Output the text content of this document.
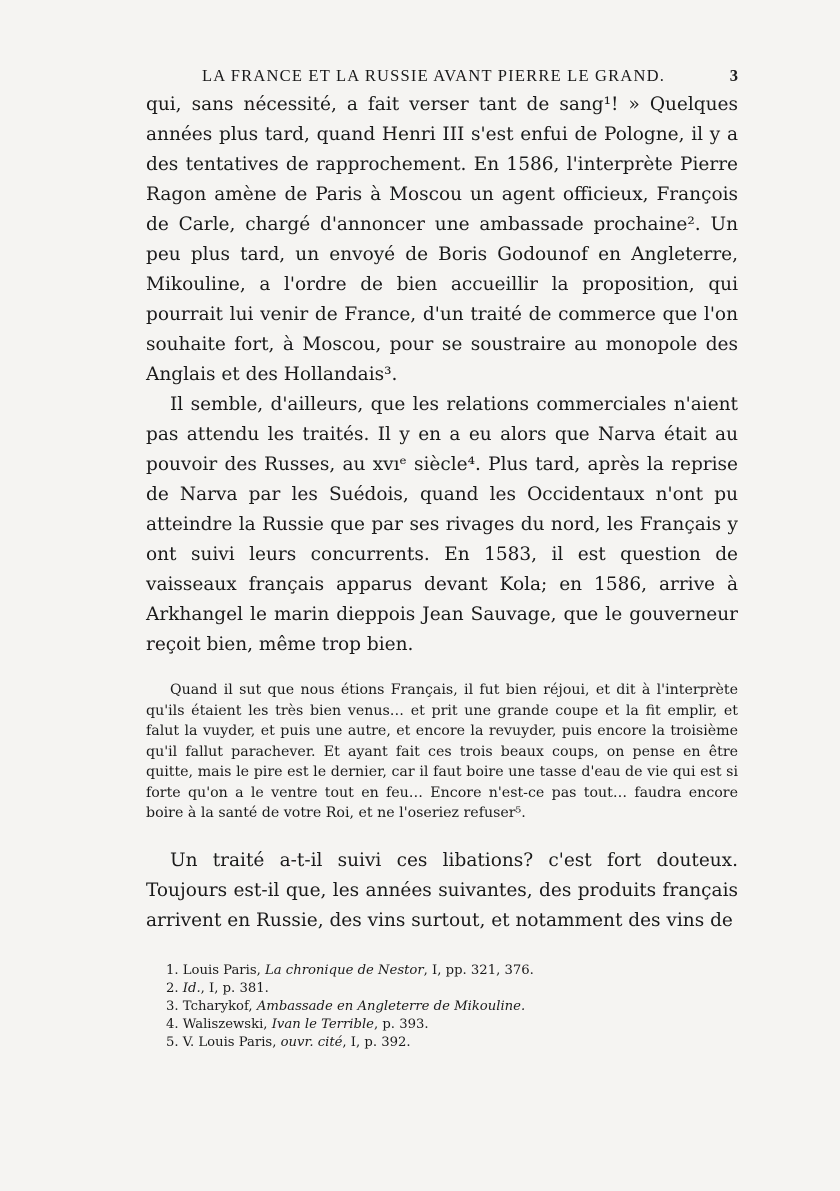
LA FRANCE ET LA RUSSIE AVANT PIERRE LE GRAND.	3

qui, sans nécessité, a fait verser tant de sang¹! » Quelques années plus tard, quand Henri III s'est enfui de Pologne, il y a des tentatives de rapprochement. En 1586, l'interprète Pierre Ragon amène de Paris à Moscou un agent officieux, François de Carle, chargé d'annoncer une ambassade prochaine². Un peu plus tard, un envoyé de Boris Godounof en Angleterre, Mikouline, a l'ordre de bien accueillir la proposition, qui pourrait lui venir de France, d'un traité de commerce que l'on souhaite fort, à Moscou, pour se soustraire au monopole des Anglais et des Hollandais³.

Il semble, d'ailleurs, que les relations commerciales n'aient pas attendu les traités. Il y en a eu alors que Narva était au pouvoir des Russes, au xvıᵉ siècle⁴. Plus tard, après la reprise de Narva par les Suédois, quand les Occidentaux n'ont pu atteindre la Russie que par ses rivages du nord, les Français y ont suivi leurs concurrents. En 1583, il est question de vaisseaux français apparus devant Kola; en 1586, arrive à Arkhangel le marin dieppois Jean Sauvage, que le gouverneur reçoit bien, même trop bien.

Quand il sut que nous étions Français, il fut bien réjoui, et dit à l'interprète qu'ils étaient les très bien venus… et prit une grande coupe et la fit emplir, et falut la vuyder, et puis une autre, et encore la revuyder, puis encore la troisième qu'il fallut parachever. Et ayant fait ces trois beaux coups, on pense en être quitte, mais le pire est le dernier, car il faut boire une tasse d'eau de vie qui est si forte qu'on a le ventre tout en feu… Encore n'est-ce pas tout… faudra encore boire à la santé de votre Roi, et ne l'oseriez refuser⁵.

Un traité a-t-il suivi ces libations? c'est fort douteux. Toujours est-il que, les années suivantes, des produits français arrivent en Russie, des vins surtout, et notamment des vins de

1. Louis Paris, La chronique de Nestor, I, pp. 321, 376.
2. Id., I, p. 381.
3. Tcharykof, Ambassade en Angleterre de Mikouline.
4. Waliszewski, Ivan le Terrible, p. 393.
5. V. Louis Paris, ouvr. cité, I, p. 392.
